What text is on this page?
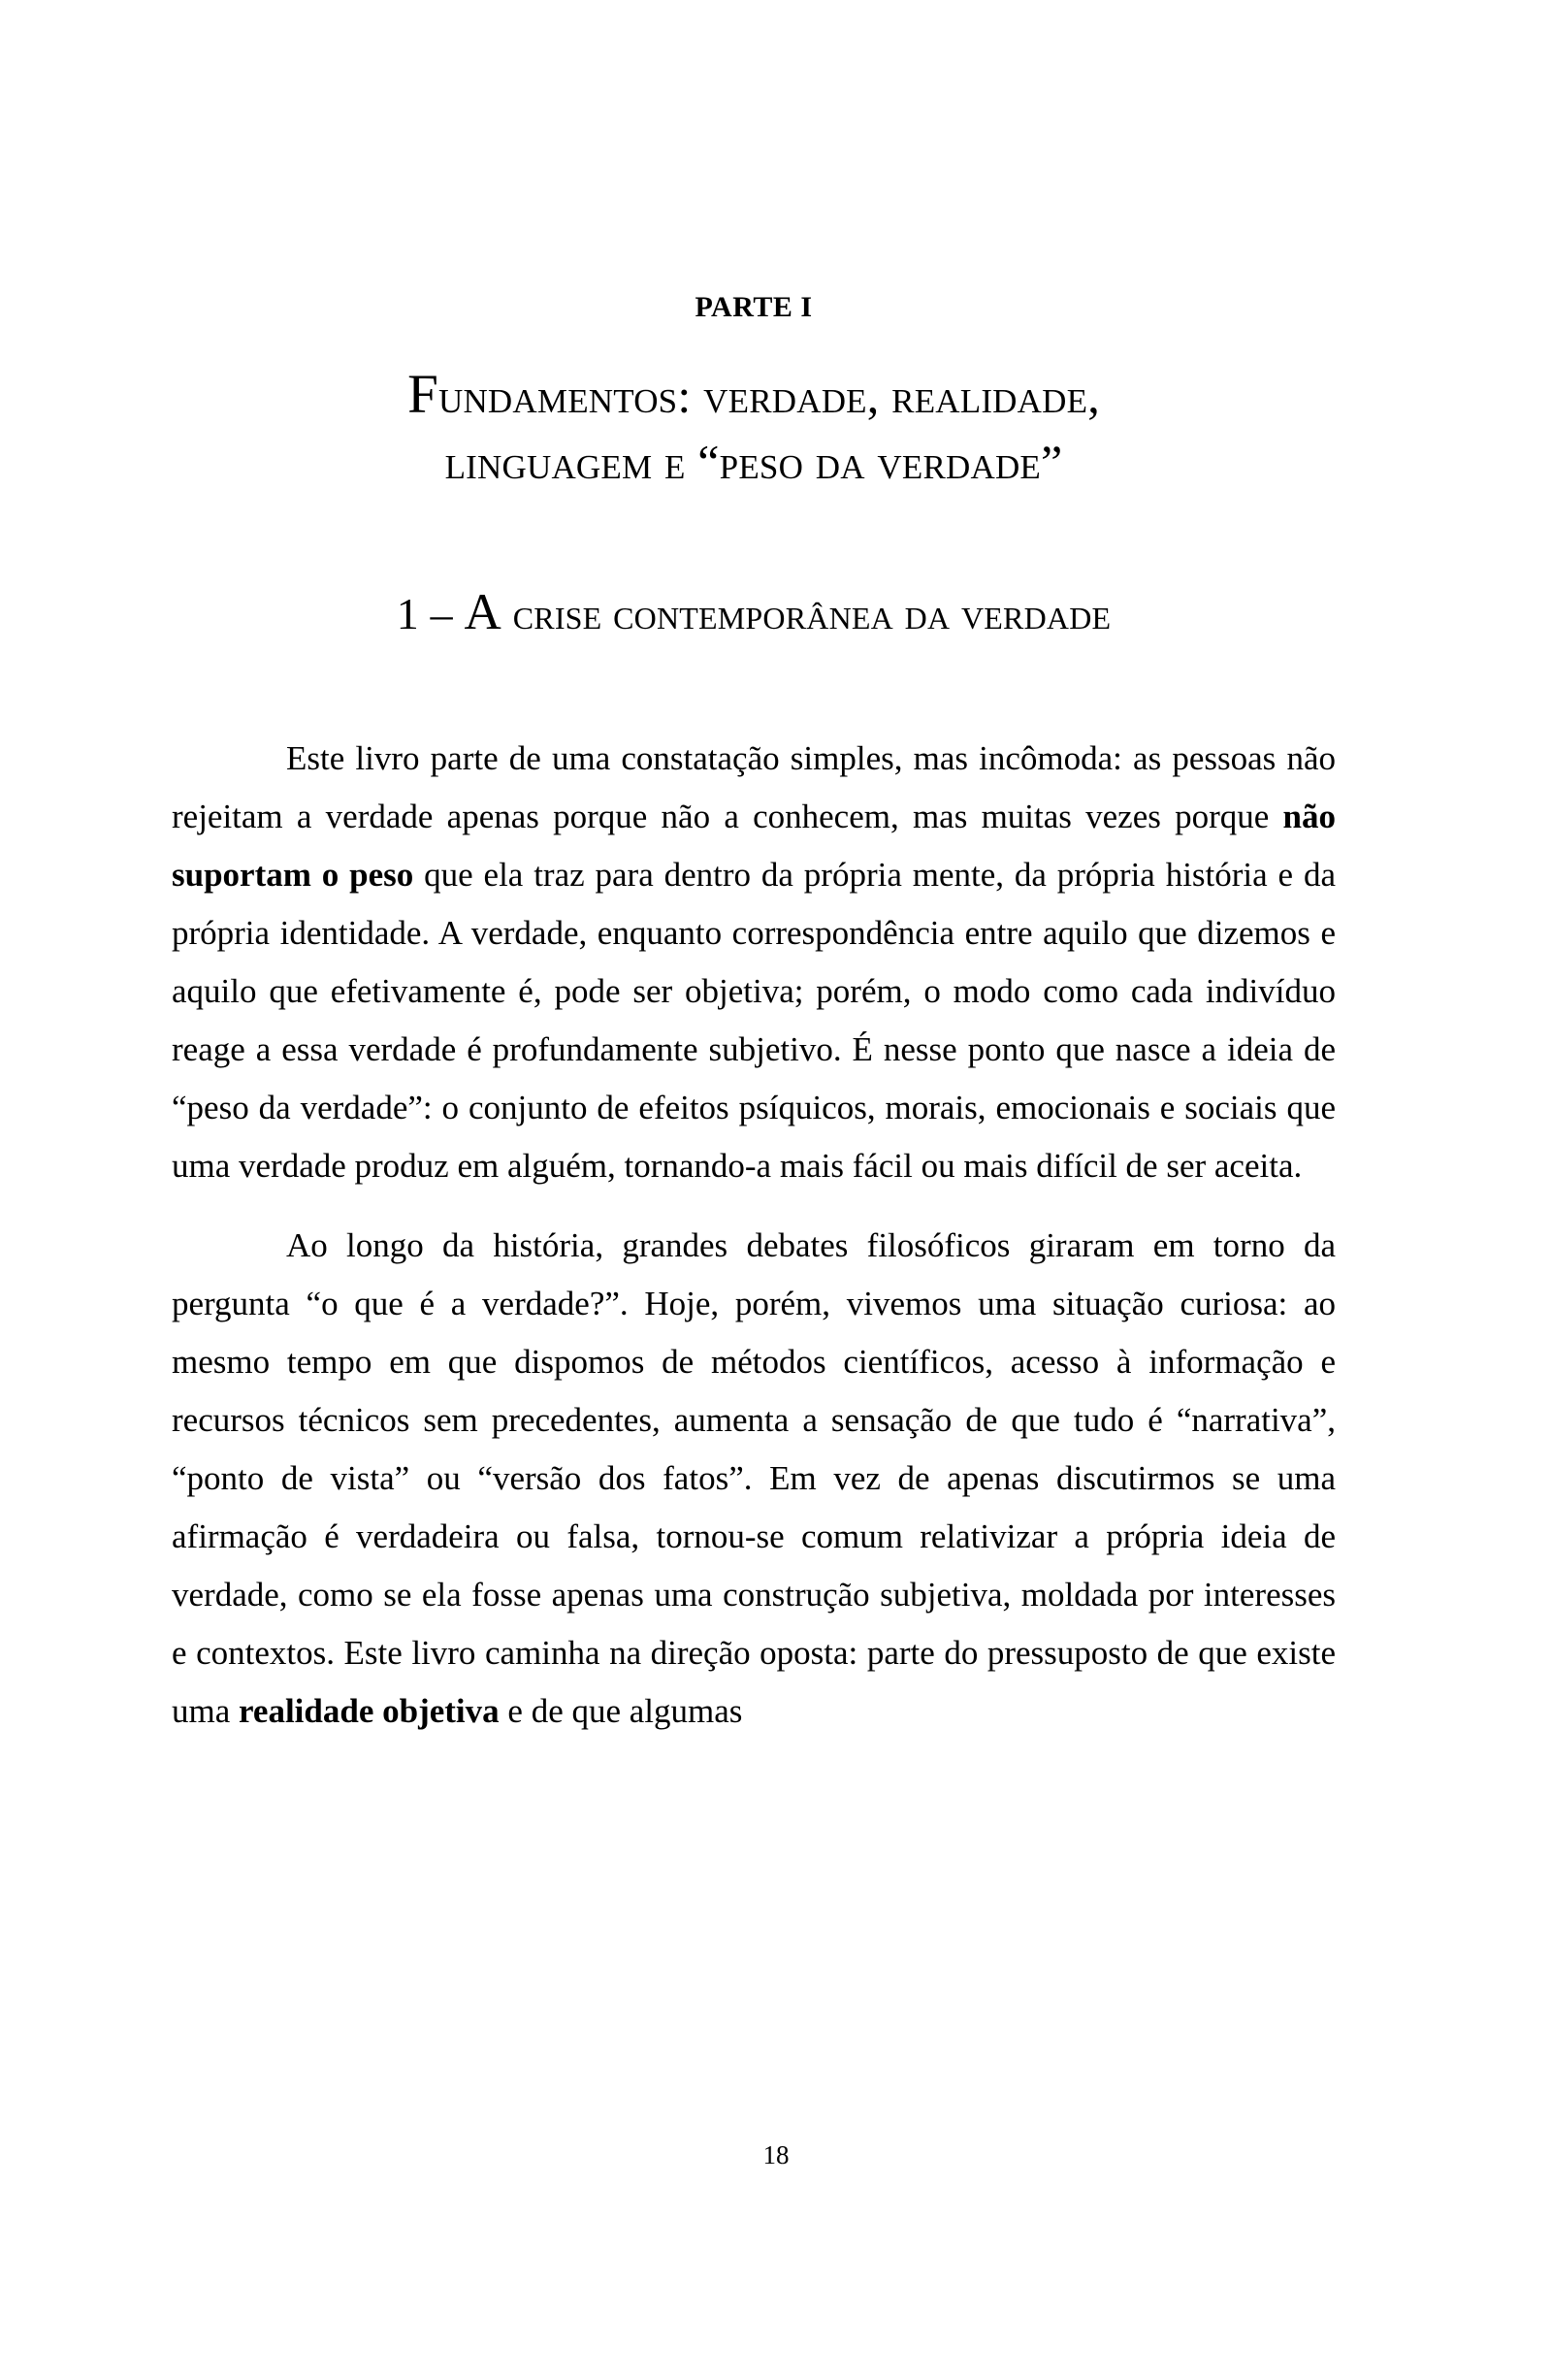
PARTE I
Fundamentos: verdade, realidade,
linguagem e “peso da verdade”
1 – A crise contemporânea da verdade

Este livro parte de uma constatação simples, mas incômoda: as pessoas não rejeitam a verdade apenas porque não a conhecem, mas muitas vezes porque não suportam o peso que ela traz para dentro da própria mente, da própria história e da própria identidade. A verdade, enquanto correspondência entre aquilo que dizemos e aquilo que efetivamente é, pode ser objetiva; porém, o modo como cada indivíduo reage a essa verdade é profundamente subjetivo. É nesse ponto que nasce a ideia de “peso da verdade”: o conjunto de efeitos psíquicos, morais, emocionais e sociais que uma verdade produz em alguém, tornando-a mais fácil ou mais difícil de ser aceita.

Ao longo da história, grandes debates filosóficos giraram em torno da pergunta “o que é a verdade?”. Hoje, porém, vivemos uma situação curiosa: ao mesmo tempo em que dispomos de métodos científicos, acesso à informação e recursos técnicos sem precedentes, aumenta a sensação de que tudo é “narrativa”, “ponto de vista” ou “versão dos fatos”. Em vez de apenas discutirmos se uma afirmação é verdadeira ou falsa, tornou-se comum relativizar a própria ideia de verdade, como se ela fosse apenas uma construção subjetiva, moldada por interesses e contextos. Este livro caminha na direção oposta: parte do pressuposto de que existe uma realidade objetiva e de que algumas

18
